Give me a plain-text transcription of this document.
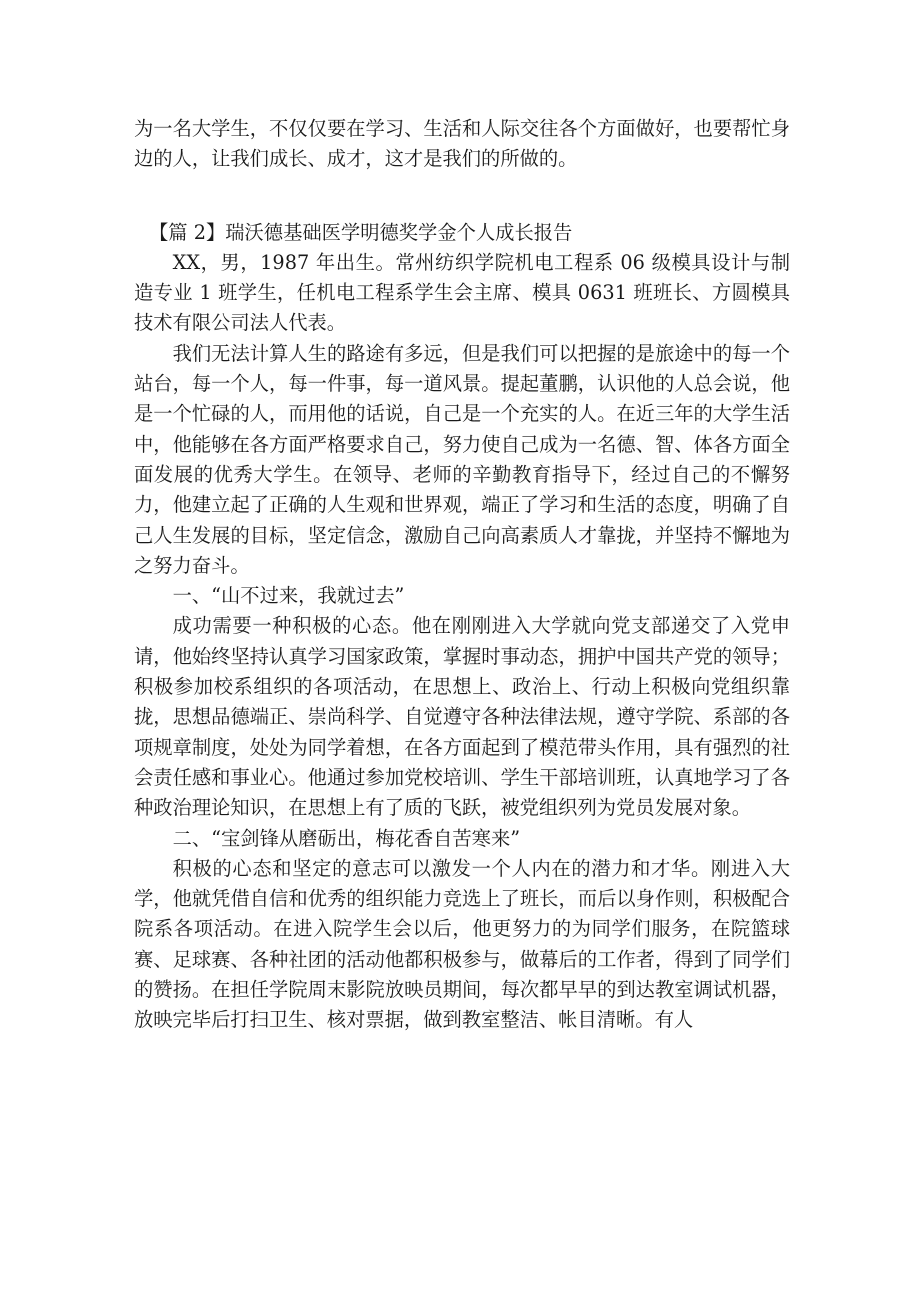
为一名大学生，不仅仅要在学习、生活和人际交往各个方面做好，也要帮忙身边的人，让我们成长、成才，这才是我们的所做的。

【篇 2】瑞沃德基础医学明德奖学金个人成长报告

XX，男，1987 年出生。常州纺织学院机电工程系 06 级模具设计与制造专业 1 班学生，任机电工程系学生会主席、模具 0631 班班长、方圆模具技术有限公司法人代表。

我们无法计算人生的路途有多远，但是我们可以把握的是旅途中的每一个站台，每一个人，每一件事，每一道风景。提起董鹏，认识他的人总会说，他是一个忙碌的人，而用他的话说，自己是一个充实的人。在近三年的大学生活中，他能够在各方面严格要求自己，努力使自己成为一名德、智、体各方面全面发展的优秀大学生。在领导、老师的辛勤教育指导下，经过自己的不懈努力，他建立起了正确的人生观和世界观，端正了学习和生活的态度，明确了自己人生发展的目标，坚定信念，激励自己向高素质人才靠拢，并坚持不懈地为之努力奋斗。

一、“山不过来，我就过去”

成功需要一种积极的心态。他在刚刚进入大学就向党支部递交了入党申请，他始终坚持认真学习国家政策，掌握时事动态，拥护中国共产党的领导；积极参加校系组织的各项活动，在思想上、政治上、行动上积极向党组织靠拢，思想品德端正、崇尚科学、自觉遵守各种法律法规，遵守学院、系部的各项规章制度，处处为同学着想，在各方面起到了模范带头作用，具有强烈的社会责任感和事业心。他通过参加党校培训、学生干部培训班，认真地学习了各种政治理论知识，在思想上有了质的飞跃，被党组织列为党员发展对象。

二、“宝剑锋从磨砺出，梅花香自苦寒来”

积极的心态和坚定的意志可以激发一个人内在的潜力和才华。刚进入大学，他就凭借自信和优秀的组织能力竞选上了班长，而后以身作则，积极配合院系各项活动。在进入院学生会以后，他更努力的为同学们服务，在院篮球赛、足球赛、各种社团的活动他都积极参与，做幕后的工作者，得到了同学们的赞扬。在担任学院周末影院放映员期间，每次都早早的到达教室调试机器，放映完毕后打扫卫生、核对票据，做到教室整洁、帐目清晰。有人
